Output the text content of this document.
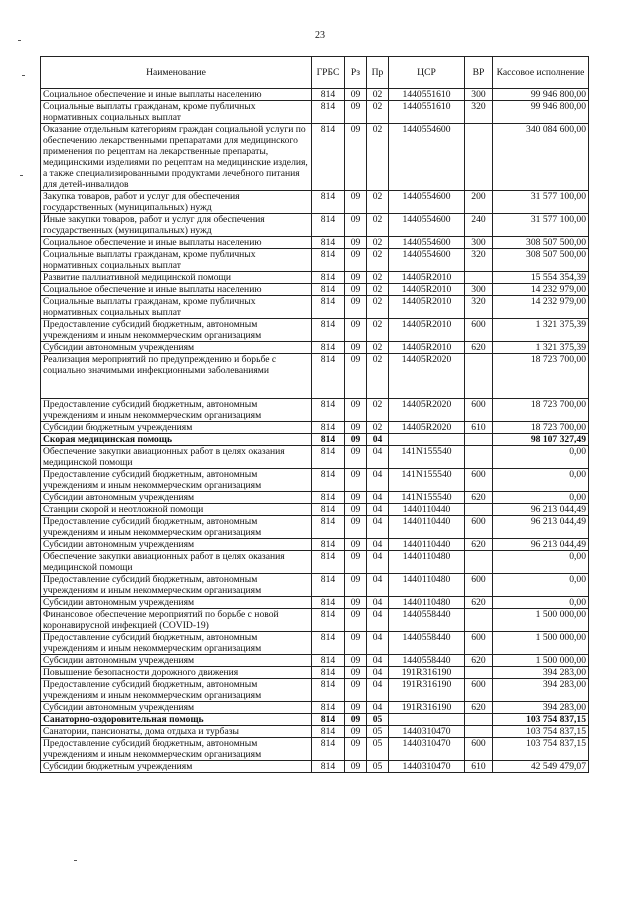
23
Наименование	ГРБС	Рз	Пр	ЦСР	ВР	Кассовое исполнение
Социальное обеспечение и иные выплаты населению	814	09	02	1440551610	300	99 946 800,00
Социальные выплаты гражданам, кроме публичных нормативных социальных выплат	814	09	02	1440551610	320	99 946 800,00
Оказание отдельным категориям граждан социальной услуги по обеспечению лекарственными препаратами для медицинского применения по рецептам на лекарственные препараты, медицинскими изделиями по рецептам на медицинские изделия, а также специализированными продуктами лечебного питания для детей-инвалидов	814	09	02	1440554600		340 084 600,00
Закупка товаров, работ и услуг для обеспечения государственных (муниципальных) нужд	814	09	02	1440554600	200	31 577 100,00
Иные закупки товаров, работ и услуг для обеспечения государственных (муниципальных) нужд	814	09	02	1440554600	240	31 577 100,00
Социальное обеспечение и иные выплаты населению	814	09	02	1440554600	300	308 507 500,00
Социальные выплаты гражданам, кроме публичных нормативных социальных выплат	814	09	02	1440554600	320	308 507 500,00
Развитие паллиативной медицинской помощи	814	09	02	14405R2010		15 554 354,39
Социальное обеспечение и иные выплаты населению	814	09	02	14405R2010	300	14 232 979,00
Социальные выплаты гражданам, кроме публичных нормативных социальных выплат	814	09	02	14405R2010	320	14 232 979,00
Предоставление субсидий бюджетным, автономным учреждениям и иным некоммерческим организациям	814	09	02	14405R2010	600	1 321 375,39
Субсидии автономным учреждениям	814	09	02	14405R2010	620	1 321 375,39
Реализация мероприятий по предупреждению и борьбе с социально значимыми инфекционными заболеваниями	814	09	02	14405R2020		18 723 700,00
Предоставление субсидий бюджетным, автономным учреждениям и иным некоммерческим организациям	814	09	02	14405R2020	600	18 723 700,00
Субсидии бюджетным учреждениям	814	09	02	14405R2020	610	18 723 700,00
Скорая медицинская помощь	814	09	04			98 107 327,49
Обеспечение закупки авиационных работ в целях оказания медицинской помощи	814	09	04	141N155540		0,00
Предоставление субсидий бюджетным, автономным учреждениям и иным некоммерческим организациям	814	09	04	141N155540	600	0,00
Субсидии автономным учреждениям	814	09	04	141N155540	620	0,00
Станции скорой и неотложной помощи	814	09	04	1440110440		96 213 044,49
Предоставление субсидий бюджетным, автономным учреждениям и иным некоммерческим организациям	814	09	04	1440110440	600	96 213 044,49
Субсидии автономным учреждениям	814	09	04	1440110440	620	96 213 044,49
Обеспечение закупки авиационных работ в целях оказания медицинской помощи	814	09	04	1440110480		0,00
Предоставление субсидий бюджетным, автономным учреждениям и иным некоммерческим организациям	814	09	04	1440110480	600	0,00
Субсидии автономным учреждениям	814	09	04	1440110480	620	0,00
Финансовое обеспечение мероприятий по борьбе с новой коронавирусной инфекцией (COVID-19)	814	09	04	1440558440		1 500 000,00
Предоставление субсидий бюджетным, автономным учреждениям и иным некоммерческим организациям	814	09	04	1440558440	600	1 500 000,00
Субсидии автономным учреждениям	814	09	04	1440558440	620	1 500 000,00
Повышение безопасности дорожного движения	814	09	04	191R316190		394 283,00
Предоставление субсидий бюджетным, автономным учреждениям и иным некоммерческим организациям	814	09	04	191R316190	600	394 283,00
Субсидии автономным учреждениям	814	09	04	191R316190	620	394 283,00
Санаторно-оздоровительная помощь	814	09	05			103 754 837,15
Санатории, пансионаты, дома отдыха и турбазы	814	09	05	1440310470		103 754 837,15
Предоставление субсидий бюджетным, автономным учреждениям и иным некоммерческим организациям	814	09	05	1440310470	600	103 754 837,15
Субсидии бюджетным учреждениям	814	09	05	1440310470	610	42 549 479,07
